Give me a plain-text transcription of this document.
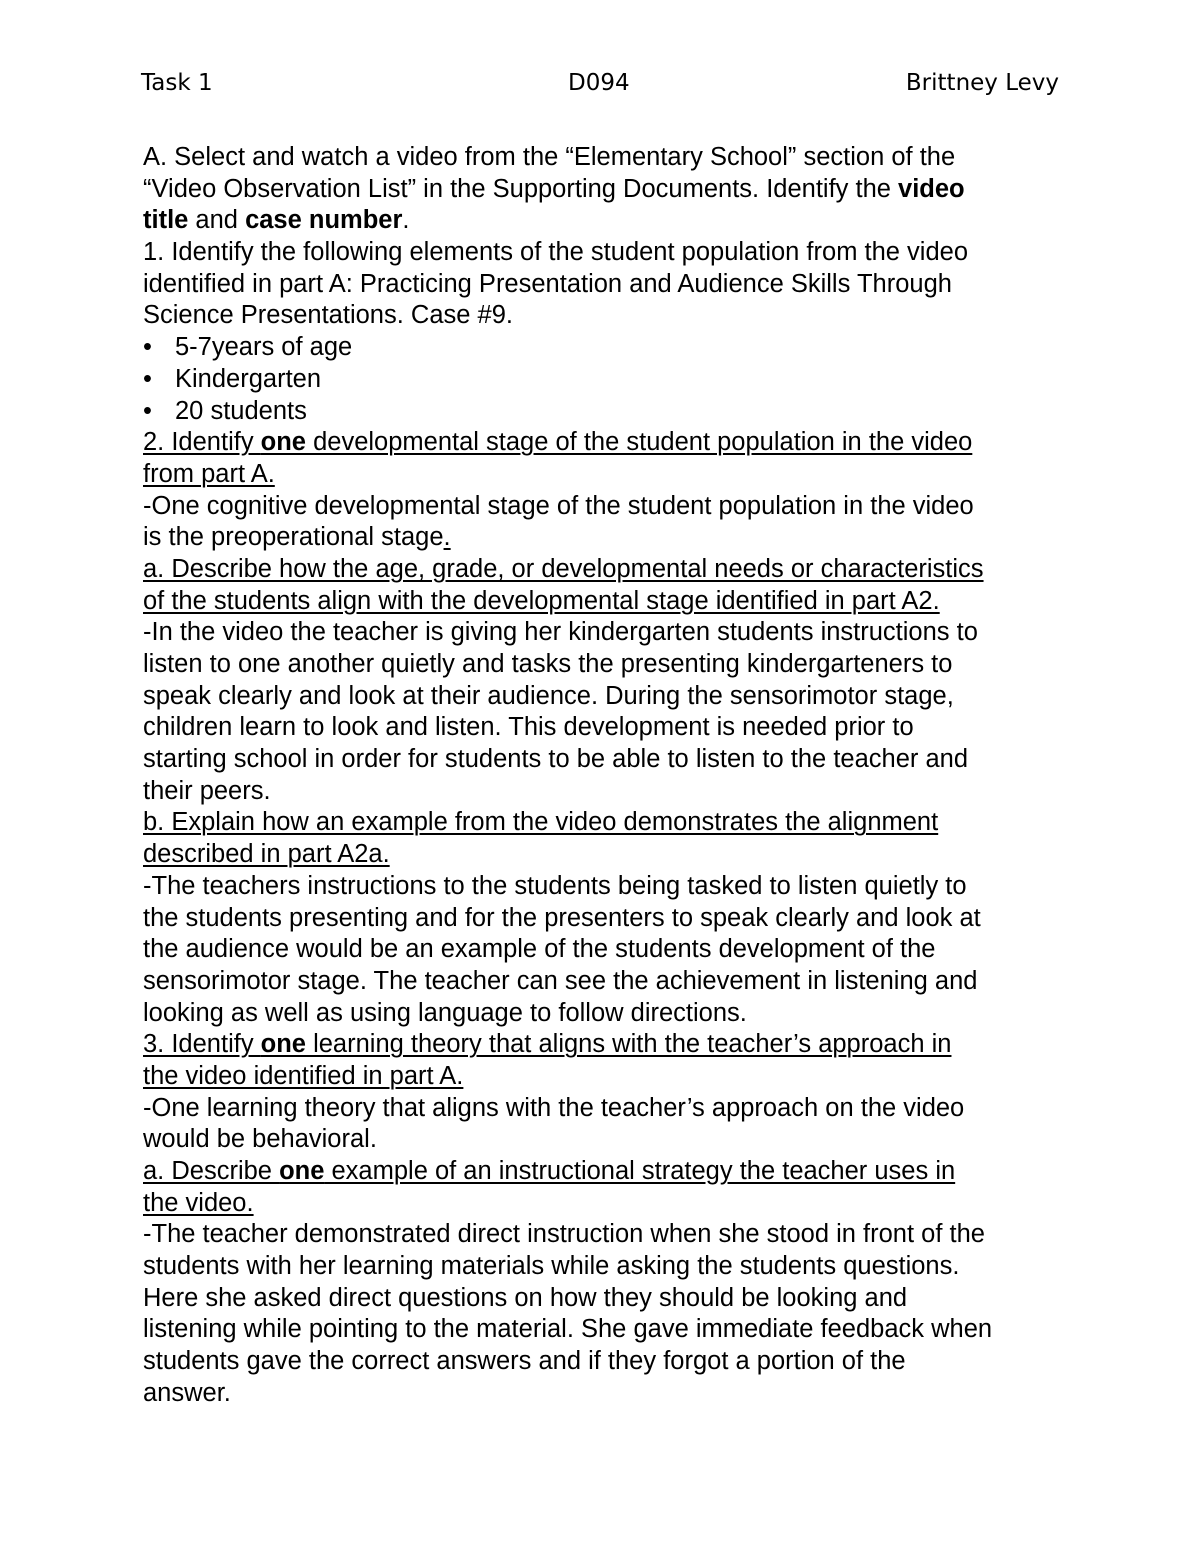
Task 1	D094	Brittney Levy
A. Select and watch a video from the “Elementary School” section of the
“Video Observation List” in the Supporting Documents. Identify the video
title and case number.
1. Identify the following elements of the student population from the video
identified in part A: Practicing Presentation and Audience Skills Through
Science Presentations. Case #9.
• 5-7years of age
• Kindergarten
• 20 students
2. Identify one developmental stage of the student population in the video
from part A.
-One cognitive developmental stage of the student population in the video
is the preoperational stage.
a. Describe how the age, grade, or developmental needs or characteristics
of the students align with the developmental stage identified in part A2.
-In the video the teacher is giving her kindergarten students instructions to
listen to one another quietly and tasks the presenting kindergarteners to
speak clearly and look at their audience. During the sensorimotor stage,
children learn to look and listen. This development is needed prior to
starting school in order for students to be able to listen to the teacher and
their peers.
b. Explain how an example from the video demonstrates the alignment
described in part A2a.
-The teachers instructions to the students being tasked to listen quietly to
the students presenting and for the presenters to speak clearly and look at
the audience would be an example of the students development of the
sensorimotor stage. The teacher can see the achievement in listening and
looking as well as using language to follow directions.
3. Identify one learning theory that aligns with the teacher’s approach in
the video identified in part A.
-One learning theory that aligns with the teacher’s approach on the video
would be behavioral.
a. Describe one example of an instructional strategy the teacher uses in
the video.
-The teacher demonstrated direct instruction when she stood in front of the
students with her learning materials while asking the students questions.
Here she asked direct questions on how they should be looking and
listening while pointing to the material. She gave immediate feedback when
students gave the correct answers and if they forgot a portion of the
answer.
